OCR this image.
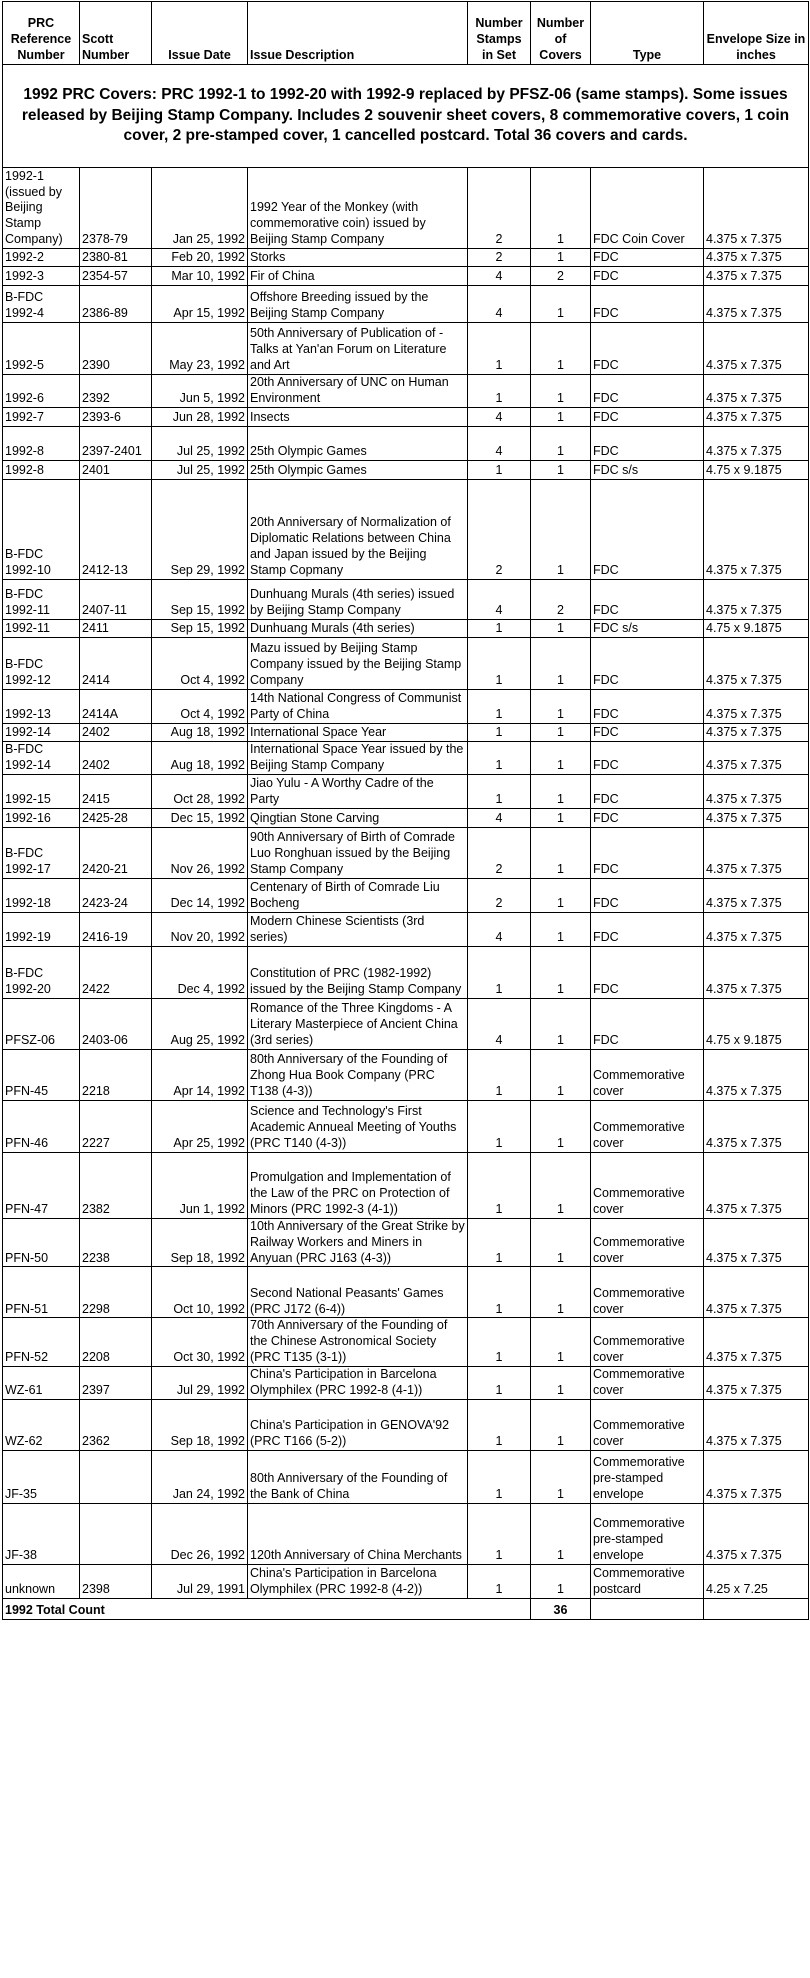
PRC Reference Number	Scott Number	Issue Date	Issue Description	Number Stamps in Set	Number of Covers	Type	Envelope Size in inches
1992 PRC Covers: PRC 1992-1 to 1992-20 with 1992-9 replaced by PFSZ-06 (same stamps). Some issues released by Beijing Stamp Company. Includes 2 souvenir sheet covers, 8 commemorative covers, 1 coin cover, 2 pre-stamped cover, 1 cancelled postcard. Total 36 covers and cards.							
1992-1 (issued by Beijing Stamp Company)	2378-79	Jan 25, 1992	1992 Year of the Monkey (with commemorative coin) issued by Beijing Stamp Company	2	1	FDC Coin Cover	4.375 x 7.375
1992-2	2380-81	Feb 20, 1992	Storks	2	1	FDC	4.375 x 7.375
1992-3	2354-57	Mar 10, 1992	Fir of China	4	2	FDC	4.375 x 7.375
B-FDC 1992-4	2386-89	Apr 15, 1992	Offshore Breeding issued by the Beijing Stamp Company	4	1	FDC	4.375 x 7.375
1992-5	2390	May 23, 1992	50th Anniversary of Publication of - Talks at Yan'an Forum on Literature and Art	1	1	FDC	4.375 x 7.375
1992-6	2392	Jun 5, 1992	20th Anniversary of UNC on Human Environment	1	1	FDC	4.375 x 7.375
1992-7	2393-6	Jun 28, 1992	Insects	4	1	FDC	4.375 x 7.375
1992-8	2397-2401	Jul 25, 1992	25th Olympic Games	4	1	FDC	4.375 x 7.375
1992-8	2401	Jul 25, 1992	25th Olympic Games	1	1	FDC s/s	4.75 x 9.1875
B-FDC 1992-10	2412-13	Sep 29, 1992	20th Anniversary of Normalization of Diplomatic Relations between China and Japan issued by the Beijing Stamp Copmany	2	1	FDC	4.375 x 7.375
B-FDC 1992-11	2407-11	Sep 15, 1992	Dunhuang Murals (4th series) issued by Beijing Stamp Company	4	2	FDC	4.375 x 7.375
1992-11	2411	Sep 15, 1992	Dunhuang Murals (4th series)	1	1	FDC s/s	4.75 x 9.1875
B-FDC 1992-12	2414	Oct 4, 1992	Mazu issued by Beijing Stamp Company issued by the Beijing Stamp Company	1	1	FDC	4.375 x 7.375
1992-13	2414A	Oct 4, 1992	14th National Congress of Communist Party of China	1	1	FDC	4.375 x 7.375
1992-14	2402	Aug 18, 1992	International Space Year	1	1	FDC	4.375 x 7.375
B-FDC 1992-14	2402	Aug 18, 1992	International Space Year issued by the Beijing Stamp Company	1	1	FDC	4.375 x 7.375
1992-15	2415	Oct 28, 1992	Jiao Yulu - A Worthy Cadre of the Party	1	1	FDC	4.375 x 7.375
1992-16	2425-28	Dec 15, 1992	Qingtian Stone Carving	4	1	FDC	4.375 x 7.375
B-FDC 1992-17	2420-21	Nov 26, 1992	90th Anniversary of Birth of Comrade Luo Ronghuan issued by the Beijing Stamp Company	2	1	FDC	4.375 x 7.375
1992-18	2423-24	Dec 14, 1992	Centenary of Birth of Comrade Liu Bocheng	2	1	FDC	4.375 x 7.375
1992-19	2416-19	Nov 20, 1992	Modern Chinese Scientists (3rd series)	4	1	FDC	4.375 x 7.375
B-FDC 1992-20	2422	Dec 4, 1992	Constitution of PRC (1982-1992) issued by the Beijing Stamp Company	1	1	FDC	4.375 x 7.375
PFSZ-06	2403-06	Aug 25, 1992	Romance of the Three Kingdoms - A Literary Masterpiece of Ancient China (3rd series)	4	1	FDC	4.75 x 9.1875
PFN-45	2218	Apr 14, 1992	80th Anniversary of the Founding of Zhong Hua Book Company (PRC T138 (4-3))	1	1	Commemorative cover	4.375 x 7.375
PFN-46	2227	Apr 25, 1992	Science and Technology's First Academic Annueal Meeting of Youths (PRC T140 (4-3))	1	1	Commemorative cover	4.375 x 7.375
PFN-47	2382	Jun 1, 1992	Promulgation and Implementation of the Law of the PRC on Protection of Minors (PRC 1992-3 (4-1))	1	1	Commemorative cover	4.375 x 7.375
PFN-50	2238	Sep 18, 1992	10th Anniversary of the Great Strike by Railway Workers and Miners in Anyuan (PRC J163 (4-3))	1	1	Commemorative cover	4.375 x 7.375
PFN-51	2298	Oct 10, 1992	Second National Peasants' Games (PRC J172 (6-4))	1	1	Commemorative cover	4.375 x 7.375
PFN-52	2208	Oct 30, 1992	70th Anniversary of the Founding of the Chinese Astronomical Society (PRC T135 (3-1))	1	1	Commemorative cover	4.375 x 7.375
WZ-61	2397	Jul 29, 1992	China's Participation in Barcelona Olymphilex (PRC 1992-8 (4-1))	1	1	Commemorative cover	4.375 x 7.375
WZ-62	2362	Sep 18, 1992	China's Participation in GENOVA'92 (PRC T166 (5-2))	1	1	Commemorative cover	4.375 x 7.375
JF-35		Jan 24, 1992	80th Anniversary of the Founding of the Bank of China	1	1	Commemorative pre-stamped envelope	4.375 x 7.375
JF-38		Dec 26, 1992	120th Anniversary of China Merchants	1	1	Commemorative pre-stamped envelope	4.375 x 7.375
unknown	2398	Jul 29, 1991	China's Participation in Barcelona Olymphilex (PRC 1992-8 (4-2))	1	1	Commemorative postcard	4.25 x 7.25
1992 Total Count					36		
